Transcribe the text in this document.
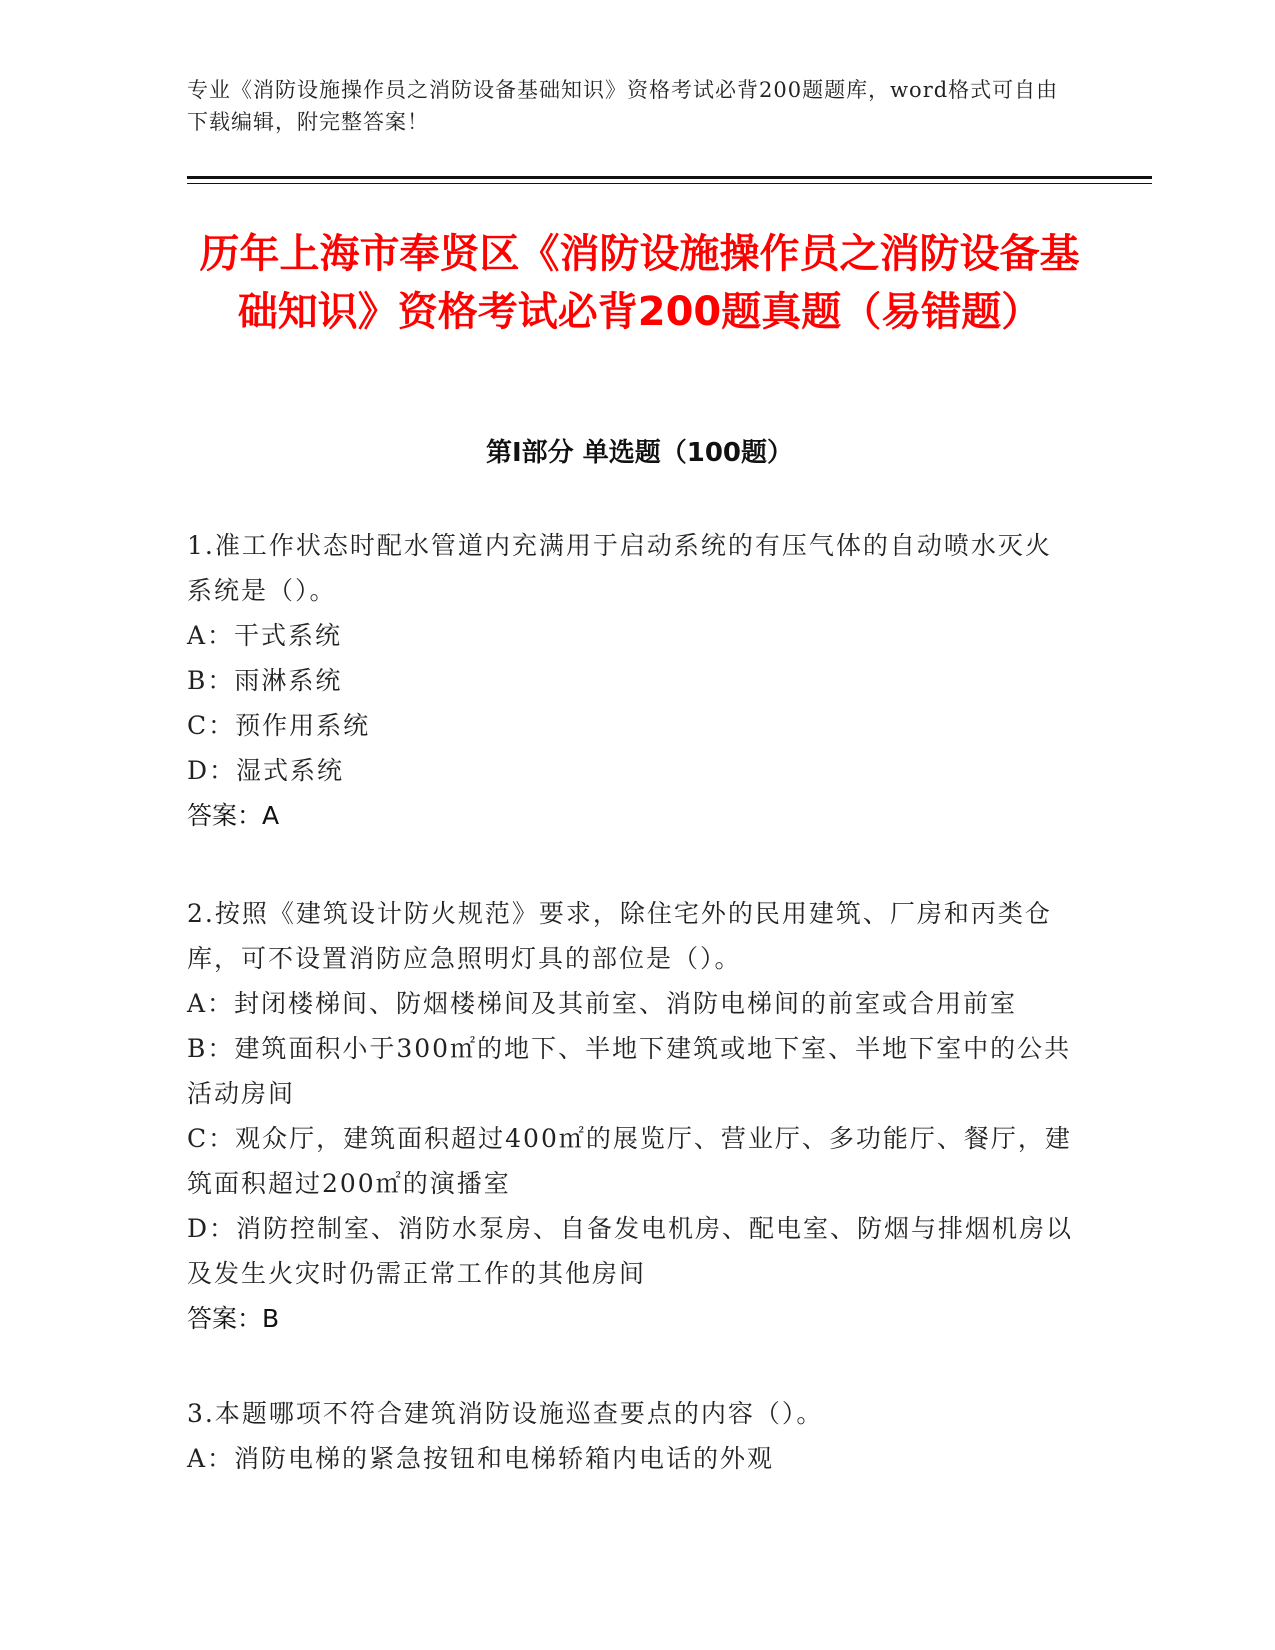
专业《消防设施操作员之消防设备基础知识》资格考试必背200题题库，word格式可自由下载编辑，附完整答案！
历年上海市奉贤区《消防设施操作员之消防设备基础知识》资格考试必背200题真题（易错题）
第I部分 单选题（100题）

1.准工作状态时配水管道内充满用于启动系统的有压气体的自动喷水灭火系统是（）。

A：干式系统

B：雨淋系统

C：预作用系统

D：湿式系统

答案：A

2.按照《建筑设计防火规范》要求，除住宅外的民用建筑、厂房和丙类仓库，可不设置消防应急照明灯具的部位是（）。

A：封闭楼梯间、防烟楼梯间及其前室、消防电梯间的前室或合用前室

B：建筑面积小于300㎡的地下、半地下建筑或地下室、半地下室中的公共活动房间

C：观众厅，建筑面积超过400㎡的展览厅、营业厅、多功能厅、餐厅，建筑面积超过200㎡的演播室

D：消防控制室、消防水泵房、自备发电机房、配电室、防烟与排烟机房以及发生火灾时仍需正常工作的其他房间

答案：B

3.本题哪项不符合建筑消防设施巡查要点的内容（）。

A：消防电梯的紧急按钮和电梯轿箱内电话的外观
